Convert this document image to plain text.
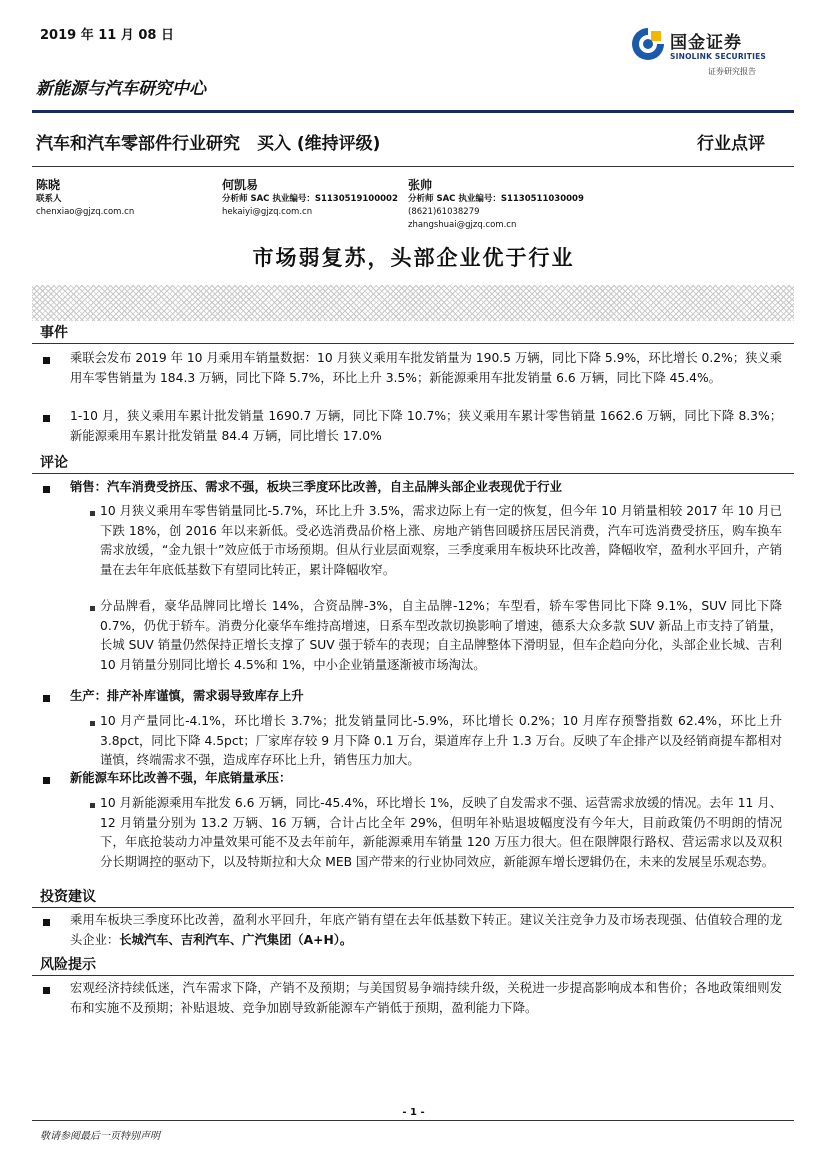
2019 年 11 月 08 日	国金证券
SINOLINK SECURITIES
证券研究报告
新能源与汽车研究中心
汽车和汽车零部件行业研究　买入 (维持评级)	行业点评
陈晓
联系人
chenxiao@gjzq.com.cn
何凯易
分析师 SAC 执业编号：S1130519100002
hekaiyi@gjzq.com.cn
张帅
分析师 SAC 执业编号：S1130511030009
(8621)61038279
zhangshuai@gjzq.com.cn
市场弱复苏，头部企业优于行业
事件
乘联会发布 2019 年 10 月乘用车销量数据：10 月狭义乘用车批发销量为 190.5 万辆，同比下降 5.9%，环比增长 0.2%；狭义乘用车零售销量为 184.3 万辆，同比下降 5.7%，环比上升 3.5%；新能源乘用车批发销量 6.6 万辆，同比下降 45.4%。
1-10 月，狭义乘用车累计批发销量 1690.7 万辆，同比下降 10.7%；狭义乘用车累计零售销量 1662.6 万辆，同比下降 8.3%；新能源乘用车累计批发销量 84.4 万辆，同比增长 17.0%
评论
销售：汽车消费受挤压、需求不强，板块三季度环比改善，自主品牌头部企业表现优于行业
10 月狭义乘用车零售销量同比-5.7%，环比上升 3.5%，需求边际上有一定的恢复，但今年 10 月销量相较 2017 年 10 月已下跌 18%，创 2016 年以来新低。受必选消费品价格上涨、房地产销售回暖挤压居民消费，汽车可选消费受挤压，购车换车需求放缓，“金九银十”效应低于市场预期。但从行业层面观察，三季度乘用车板块环比改善，降幅收窄，盈利水平回升，产销量在去年年底低基数下有望同比转正，累计降幅收窄。
分品牌看，豪华品牌同比增长 14%，合资品牌-3%，自主品牌-12%；车型看，轿车零售同比下降 9.1%，SUV 同比下降 0.7%，仍优于轿车。消费分化豪华车维持高增速，日系车型改款切换影响了增速，德系大众多款 SUV 新品上市支持了销量，长城 SUV 销量仍然保持正增长支撑了 SUV 强于轿车的表现；自主品牌整体下滑明显，但车企趋向分化，头部企业长城、吉利 10 月销量分别同比增长 4.5%和 1%，中小企业销量逐渐被市场淘汰。
生产：排产补库谨慎，需求弱导致库存上升
10 月产量同比-4.1%，环比增长 3.7%；批发销量同比-5.9%，环比增长 0.2%；10 月库存预警指数 62.4%，环比上升 3.8pct，同比下降 4.5pct；厂家库存较 9 月下降 0.1 万台，渠道库存上升 1.3 万台。反映了车企排产以及经销商提车都相对谨慎，终端需求不强，造成库存环比上升，销售压力加大。
新能源车环比改善不强，年底销量承压：
10 月新能源乘用车批发 6.6 万辆，同比-45.4%，环比增长 1%，反映了自发需求不强、运营需求放缓的情况。去年 11 月、12 月销量分别为 13.2 万辆、16 万辆，合计占比全年 29%，但明年补贴退坡幅度没有今年大，目前政策仍不明朗的情况下，年底抢装动力冲量效果可能不及去年前年，新能源乘用车销量 120 万压力很大。但在限牌限行路权、营运需求以及双积分长期调控的驱动下，以及特斯拉和大众 MEB 国产带来的行业协同效应，新能源车增长逻辑仍在，未来的发展呈乐观态势。
投资建议
乘用车板块三季度环比改善，盈利水平回升，年底产销有望在去年低基数下转正。建议关注竞争力及市场表现强、估值较合理的龙头企业：长城汽车、吉利汽车、广汽集团（A+H）。
风险提示
宏观经济持续低迷，汽车需求下降，产销不及预期；与美国贸易争端持续升级，关税进一步提高影响成本和售价；各地政策细则发布和实施不及预期；补贴退坡、竞争加剧导致新能源车产销低于预期，盈利能力下降。
- 1 -
敬请参阅最后一页特别声明
